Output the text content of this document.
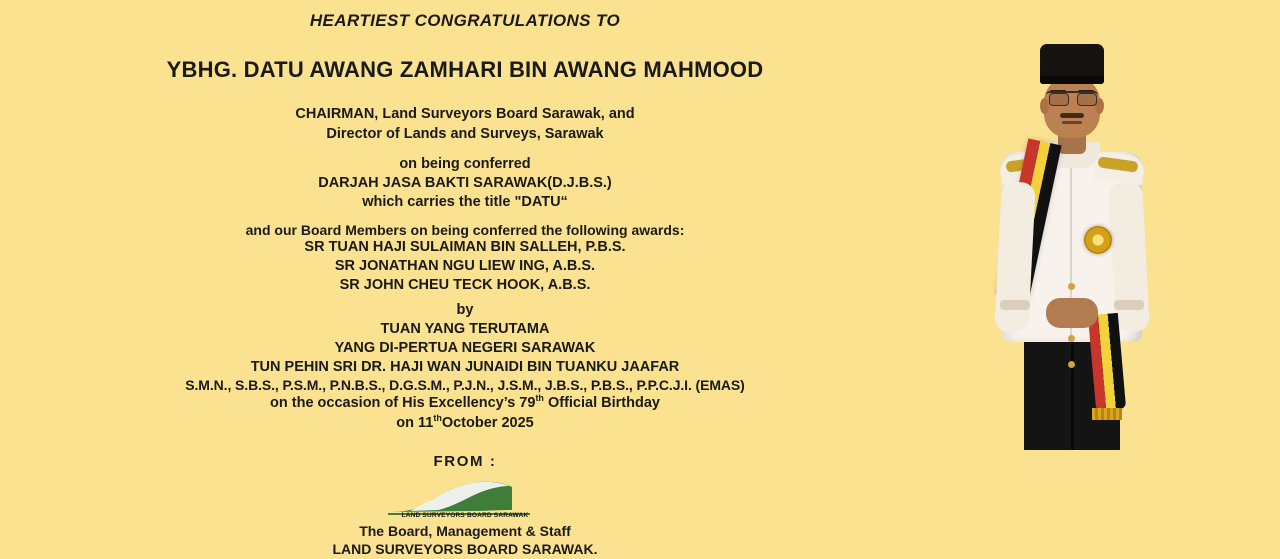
HEARTIEST CONGRATULATIONS TO
YBHG. DATU AWANG ZAMHARI BIN AWANG MAHMOOD
CHAIRMAN, Land Surveyors Board Sarawak, and
Director of Lands and Surveys, Sarawak
on being conferred
DARJAH JASA BAKTI SARAWAK(D.J.B.S.)
which carries the title "DATU“
and our Board Members on being conferred the following awards:
SR TUAN HAJI SULAIMAN BIN SALLEH, P.B.S.
SR JONATHAN NGU LIEW ING, A.B.S.
SR JOHN CHEU TECK HOOK, A.B.S.
by
TUAN YANG TERUTAMA
YANG DI-PERTUA NEGERI SARAWAK
TUN PEHIN SRI DR. HAJI WAN JUNAIDI BIN TUANKU JAAFAR
S.M.N., S.B.S., P.S.M., P.N.B.S., D.G.S.M., P.J.N., J.S.M., J.B.S., P.B.S., P.P.C.J.I. (EMAS)
on the occasion of His Excellency’s 79th Official Birthday
on 11thOctober 2025
FROM :
LAND SURVEYORS BOARD SARAWAK
The Board, Management & Staff
LAND SURVEYORS BOARD SARAWAK.
